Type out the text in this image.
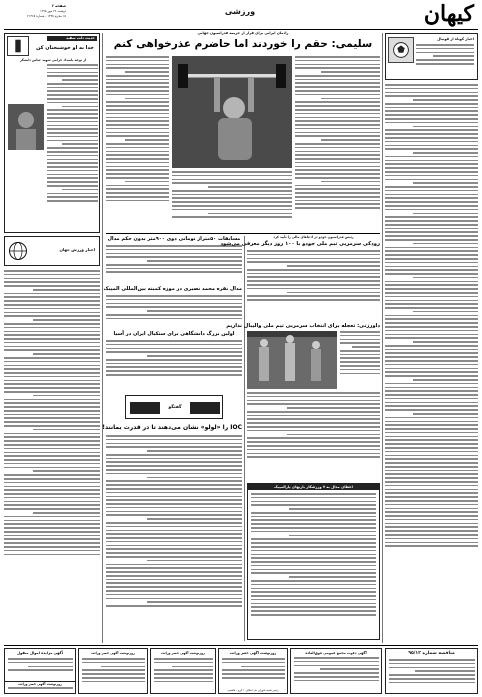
کیهان
ورزشی
صفحه ۶
دوشنبه ۲۶ مهر ۱۳۹۵
۱۵ محرم ۱۴۳۸ - شماره ۲۱۴۶۵
اخبار کوتاه از فوتبال
حدیث دلت سفید
خدا به او خوشبختان کن
از توجه باسداد جزامی شهید عباس دانشگر
اخبار ورزش جهان
رادمان ایرانی برای فرار از جریمه فدراسیون جهانی
سلیمی: حقم را خوردند اما حاضرم عذرخواهی کنم
مسابقات ۵۰متراژ تومانی دوی ۹۰۰متر بدون حکم مدال
مدال نقره محمد نصیری در موزه کمیته بین‌المللی المپیک
اولین بزرگ دانشگاهی برای ستکیال ایران در آسیا
گفتگو
IOC را «لولو» نشان می‌دهند تا در قدرت بمانند!
رئیس فدراسیون جودو در ادعاهای مالی را تأیید کرد
رودکی سرمربی تیم ملی جودو با ۱۰۰ روز دیگر معرفی می‌شود
داورزنی: تعجله برای انتخاب سرمربی تیم ملی والیبال نداریم
اعطای مدال به ۷ ورزشکار بازیهای پارالمپیک
مناقصه شماره ۹۵/۱۲
آگهی دعوت مجمع عمومی فوق‌العاده
روزنوشت آگهی حصر وراثت
رئیس شعبه شورای حل اختلاف ۱ کرج - هاشمی
روزنوشت آگهی حصر وراثت
روزنوشت آگهی حصر وراثت
آگهی مزایده اموال منقول
روزنوشت آگهی حصر وراثت
